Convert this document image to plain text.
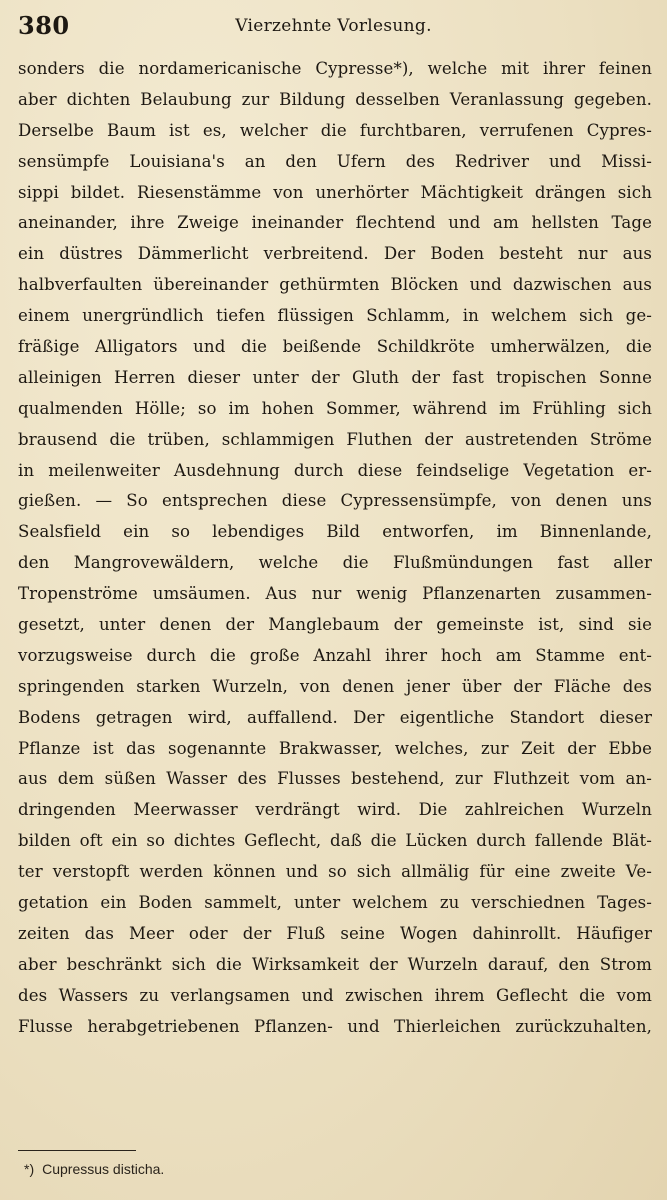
Vierzehnte Vorlesung.
380
sonders die nordamericanische Cypresse*), welche mit ihrer feinen
aber dichten Belaubung zur Bildung desselben Veranlassung gegeben.
Derselbe Baum ist es, welcher die furchtbaren, verrufenen Cypres-
sensümpfe Louisiana's an den Ufern des Redriver und Missi-
sippi bildet. Riesenstämme von unerhörter Mächtigkeit drängen sich
aneinander, ihre Zweige ineinander flechtend und am hellsten Tage
ein düstres Dämmerlicht verbreitend. Der Boden besteht nur aus
halbverfaulten übereinander gethürmten Blöcken und dazwischen aus
einem unergründlich tiefen flüssigen Schlamm, in welchem sich ge-
fräßige Alligators und die beißende Schildkröte umherwälzen, die
alleinigen Herren dieser unter der Gluth der fast tropischen Sonne
qualmenden Hölle; so im hohen Sommer, während im Frühling sich
brausend die trüben, schlammigen Fluthen der austretenden Ströme
in meilenweiter Ausdehnung durch diese feindselige Vegetation er-
gießen. — So entsprechen diese Cypressensümpfe, von denen uns
Sealsfield ein so lebendiges Bild entworfen, im Binnenlande,
den Mangrovewäldern, welche die Flußmündungen fast aller
Tropenströme umsäumen. Aus nur wenig Pflanzenarten zusammen-
gesetzt, unter denen der Manglebaum der gemeinste ist, sind sie
vorzugsweise durch die große Anzahl ihrer hoch am Stamme ent-
springenden starken Wurzeln, von denen jener über der Fläche des
Bodens getragen wird, auffallend. Der eigentliche Standort dieser
Pflanze ist das sogenannte Brakwasser, welches, zur Zeit der Ebbe
aus dem süßen Wasser des Flusses bestehend, zur Fluthzeit vom an-
dringenden Meerwasser verdrängt wird. Die zahlreichen Wurzeln
bilden oft ein so dichtes Geflecht, daß die Lücken durch fallende Blät-
ter verstopft werden können und so sich allmälig für eine zweite Ve-
getation ein Boden sammelt, unter welchem zu verschiednen Tages-
zeiten das Meer oder der Fluß seine Wogen dahinrollt. Häufiger
aber beschränkt sich die Wirksamkeit der Wurzeln darauf, den Strom
des Wassers zu verlangsamen und zwischen ihrem Geflecht die vom
Flusse herabgetriebenen Pflanzen- und Thierleichen zurückzuhalten,
*) Cupressus disticha.
